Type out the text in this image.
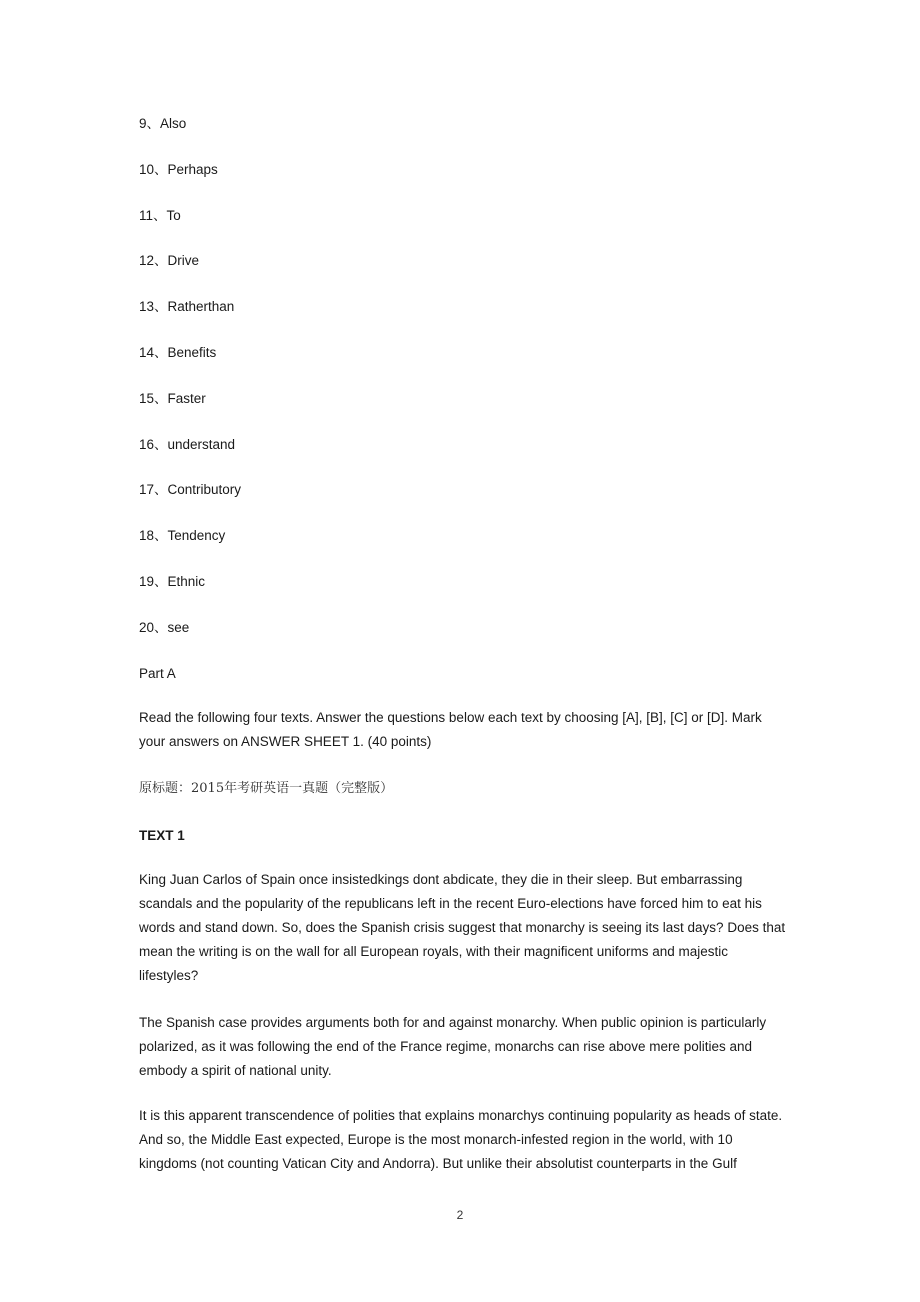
9、Also
10、Perhaps
11、To
12、Drive
13、Ratherthan
14、Benefits
15、Faster
16、understand
17、Contributory
18、Tendency
19、Ethnic
20、see

Part A

Read the following four texts. Answer the questions below each text by choosing [A], [B], [C] or [D]. Mark your answers on ANSWER SHEET 1. (40 points)

原标题：2015年考研英语一真题（完整版）

TEXT 1

King Juan Carlos of Spain once insistedkings dont abdicate, they die in their sleep. But embarrassing scandals and the popularity of the republicans left in the recent Euro-elections have forced him to eat his words and stand down. So, does the Spanish crisis suggest that monarchy is seeing its last days? Does that mean the writing is on the wall for all European royals, with their magnificent uniforms and majestic lifestyles?

The Spanish case provides arguments both for and against monarchy. When public opinion is particularly polarized, as it was following the end of the France regime, monarchs can rise above mere polities and embody a spirit of national unity.

It is this apparent transcendence of polities that explains monarchys continuing popularity as heads of state. And so, the Middle East expected, Europe is the most monarch-infested region in the world, with 10 kingdoms (not counting Vatican City and Andorra). But unlike their absolutist counterparts in the Gulf

2
